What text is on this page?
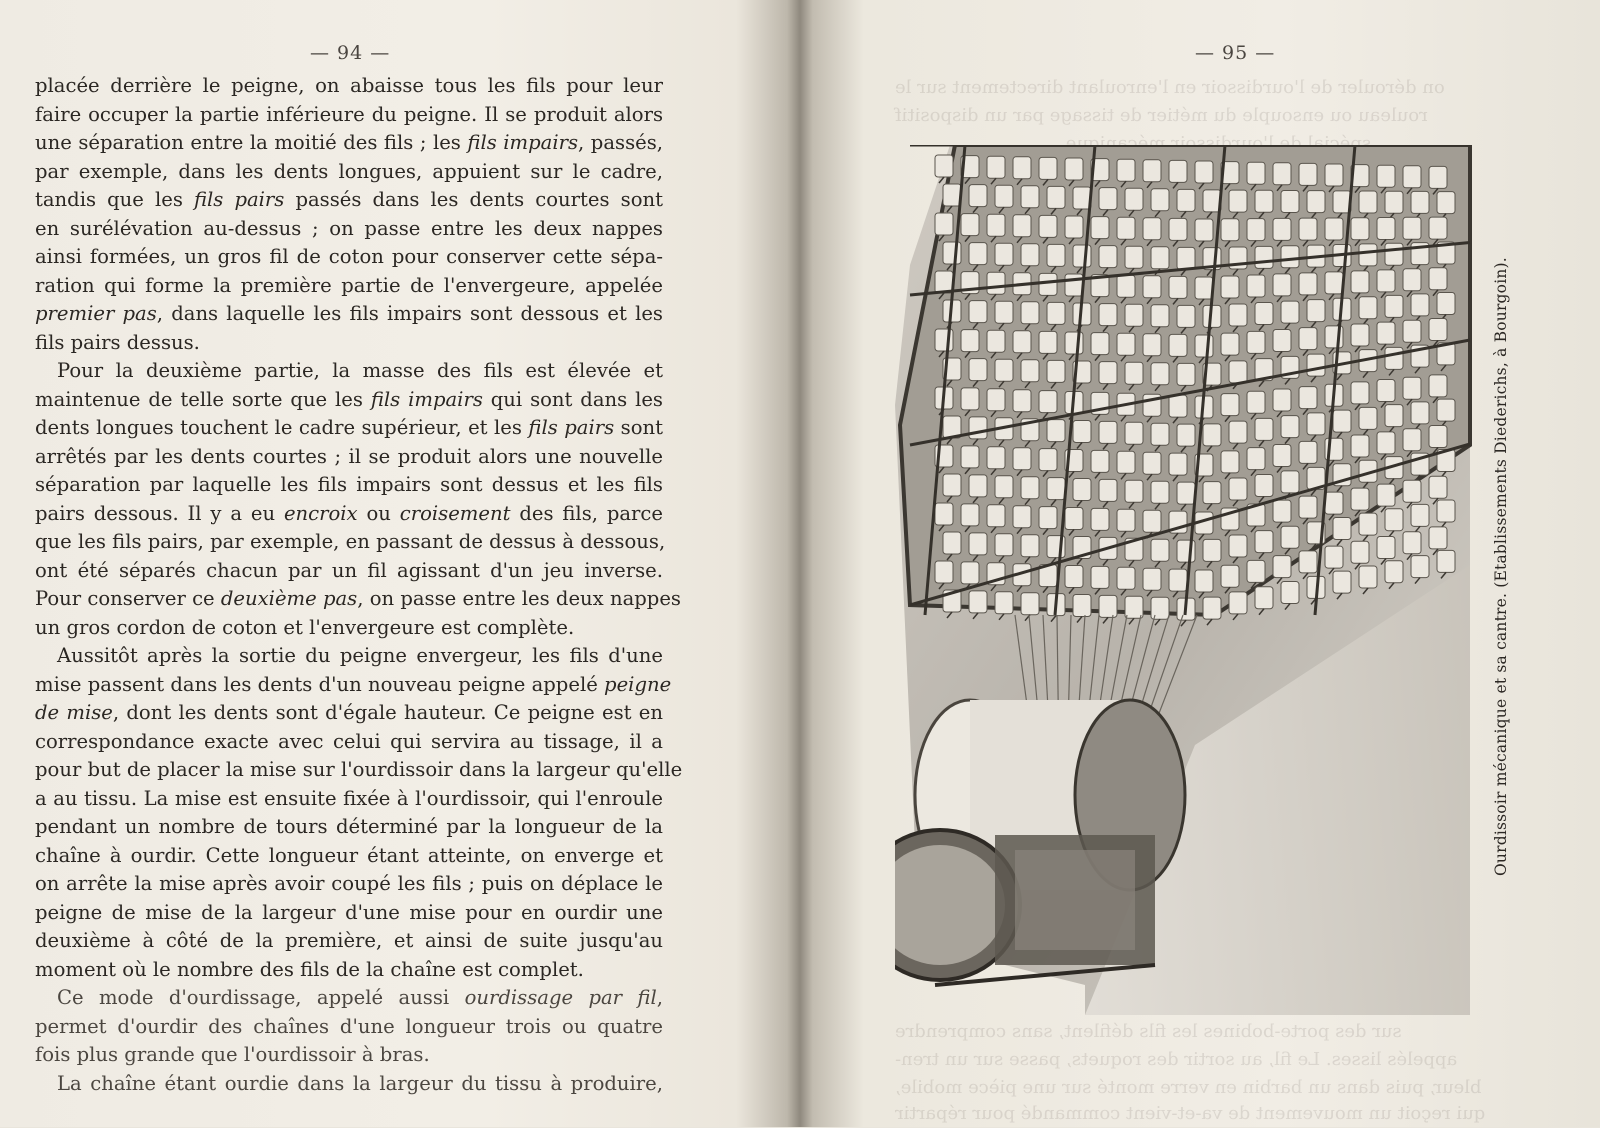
— 94 —
placée derrière le peigne, on abaisse tous les fils pour leur
faire occuper la partie inférieure du peigne. Il se produit alors
une séparation entre la moitié des fils ; les fils impairs, passés,
par exemple, dans les dents longues, appuient sur le cadre,
tandis que les fils pairs passés dans les dents courtes sont
en surélévation au-dessus ; on passe entre les deux nappes
ainsi formées, un gros fil de coton pour conserver cette sépa-
ration qui forme la première partie de l'envergeure, appelée
premier pas, dans laquelle les fils impairs sont dessous et les
fils pairs dessus.
Pour la deuxième partie, la masse des fils est élevée et
maintenue de telle sorte que les fils impairs qui sont dans les
dents longues touchent le cadre supérieur, et les fils pairs sont
arrêtés par les dents courtes ; il se produit alors une nouvelle
séparation par laquelle les fils impairs sont dessus et les fils
pairs dessous. Il y a eu encroix ou croisement des fils, parce
que les fils pairs, par exemple, en passant de dessus à dessous,
ont été séparés chacun par un fil agissant d'un jeu inverse.
Pour conserver ce deuxième pas, on passe entre les deux nappes
un gros cordon de coton et l'envergeure est complète.
Aussitôt après la sortie du peigne envergeur, les fils d'une
mise passent dans les dents d'un nouveau peigne appelé peigne
de mise, dont les dents sont d'égale hauteur. Ce peigne est en
correspondance exacte avec celui qui servira au tissage, il a
pour but de placer la mise sur l'ourdissoir dans la largeur qu'elle
a au tissu. La mise est ensuite fixée à l'ourdissoir, qui l'enroule
pendant un nombre de tours déterminé par la longueur de la
chaîne à ourdir. Cette longueur étant atteinte, on enverge et
on arrête la mise après avoir coupé les fils ; puis on déplace le
peigne de mise de la largeur d'une mise pour en ourdir une
deuxième à côté de la première, et ainsi de suite jusqu'au
moment où le nombre des fils de la chaîne est complet.
Ce mode d'ourdissage, appelé aussi ourdissage par fil,
permet d'ourdir des chaînes d'une longueur trois ou quatre
fois plus grande que l'ourdissoir à bras.
La chaîne étant ourdie dans la largeur du tissu à produire,
— 95 —
on dérouler de l'ourdissoir en l'enroulant directement sur le
rouleau ou ensouple du métier de tissage par un dispositif
spécial de l'ourdissoir mécanique.
sur des porte-bobines les fils défilent, sans comprendre
appelés lisses. Le fil, au sortir des roquets, passe sur un tren-
bleur, puis dans un barbin en verre monté sur une pièce mobile,
qui reçoit un mouvement de va-et-vient commandé pour répartir
Ourdissoir mécanique et sa cantre. (Etablissements Diederichs, à Bourgoin).
